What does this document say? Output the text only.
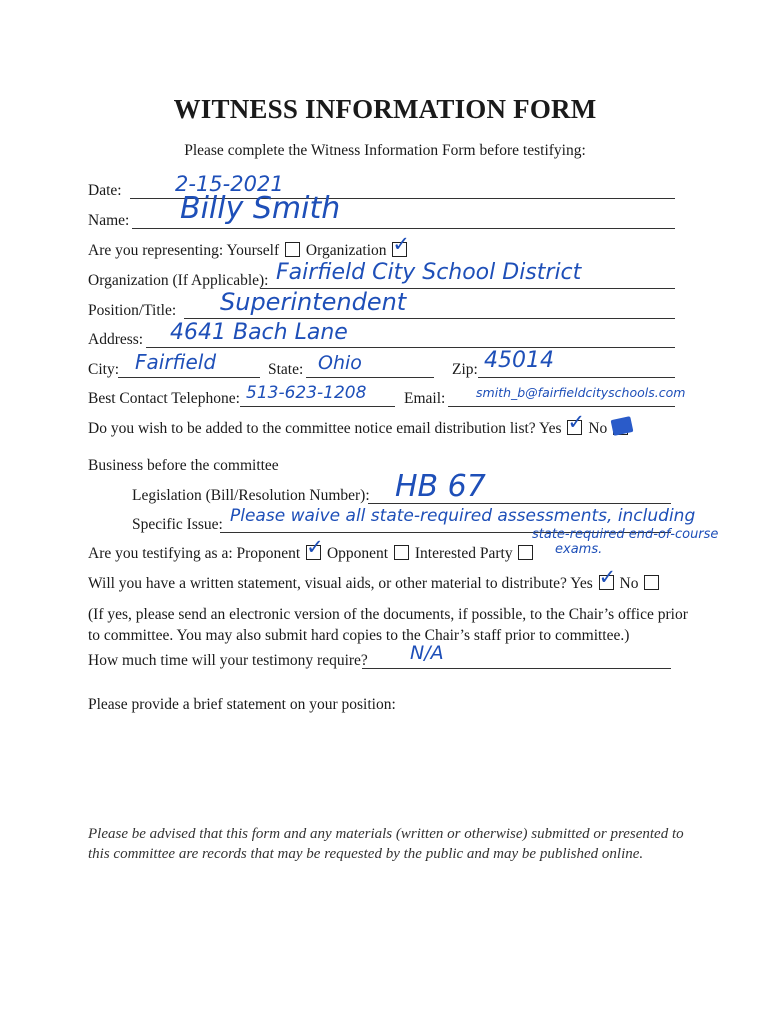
WITNESS INFORMATION FORM
Please complete the Witness Information Form before testifying:
Date:	2-15-2021
Name: Billy Smith
Are you representing: Yourself Organization ✓
Organization (If Applicable): Fairfield City School District
Position/Title: Superintendent
Address: 4641 Bach Lane
City: Fairfield	State: Ohio	Zip: 45014
Best Contact Telephone: 513-623-1208 Email: smith_b@fairfieldcityschools.com
Do you wish to be added to the committee notice email distribution list? Yes ✓ No
Business before the committee
Legislation (Bill/Resolution Number): HB 67
Specific Issue: Please waive all state-required assessments, including
state-required end-of-course
exams.
Are you testifying as a: Proponent ✓ Opponent Interested Party
Will you have a written statement, visual aids, or other material to distribute? Yes ✓ No
(If yes, please send an electronic version of the documents, if possible, to the Chair’s office prior
to committee. You may also submit hard copies to the Chair’s staff prior to committee.)
How much time will your testimony require? N/A
Please provide a brief statement on your position:
Please be advised that this form and any materials (written or otherwise) submitted or presented to this committee are records that may be requested by the public and may be published online.
